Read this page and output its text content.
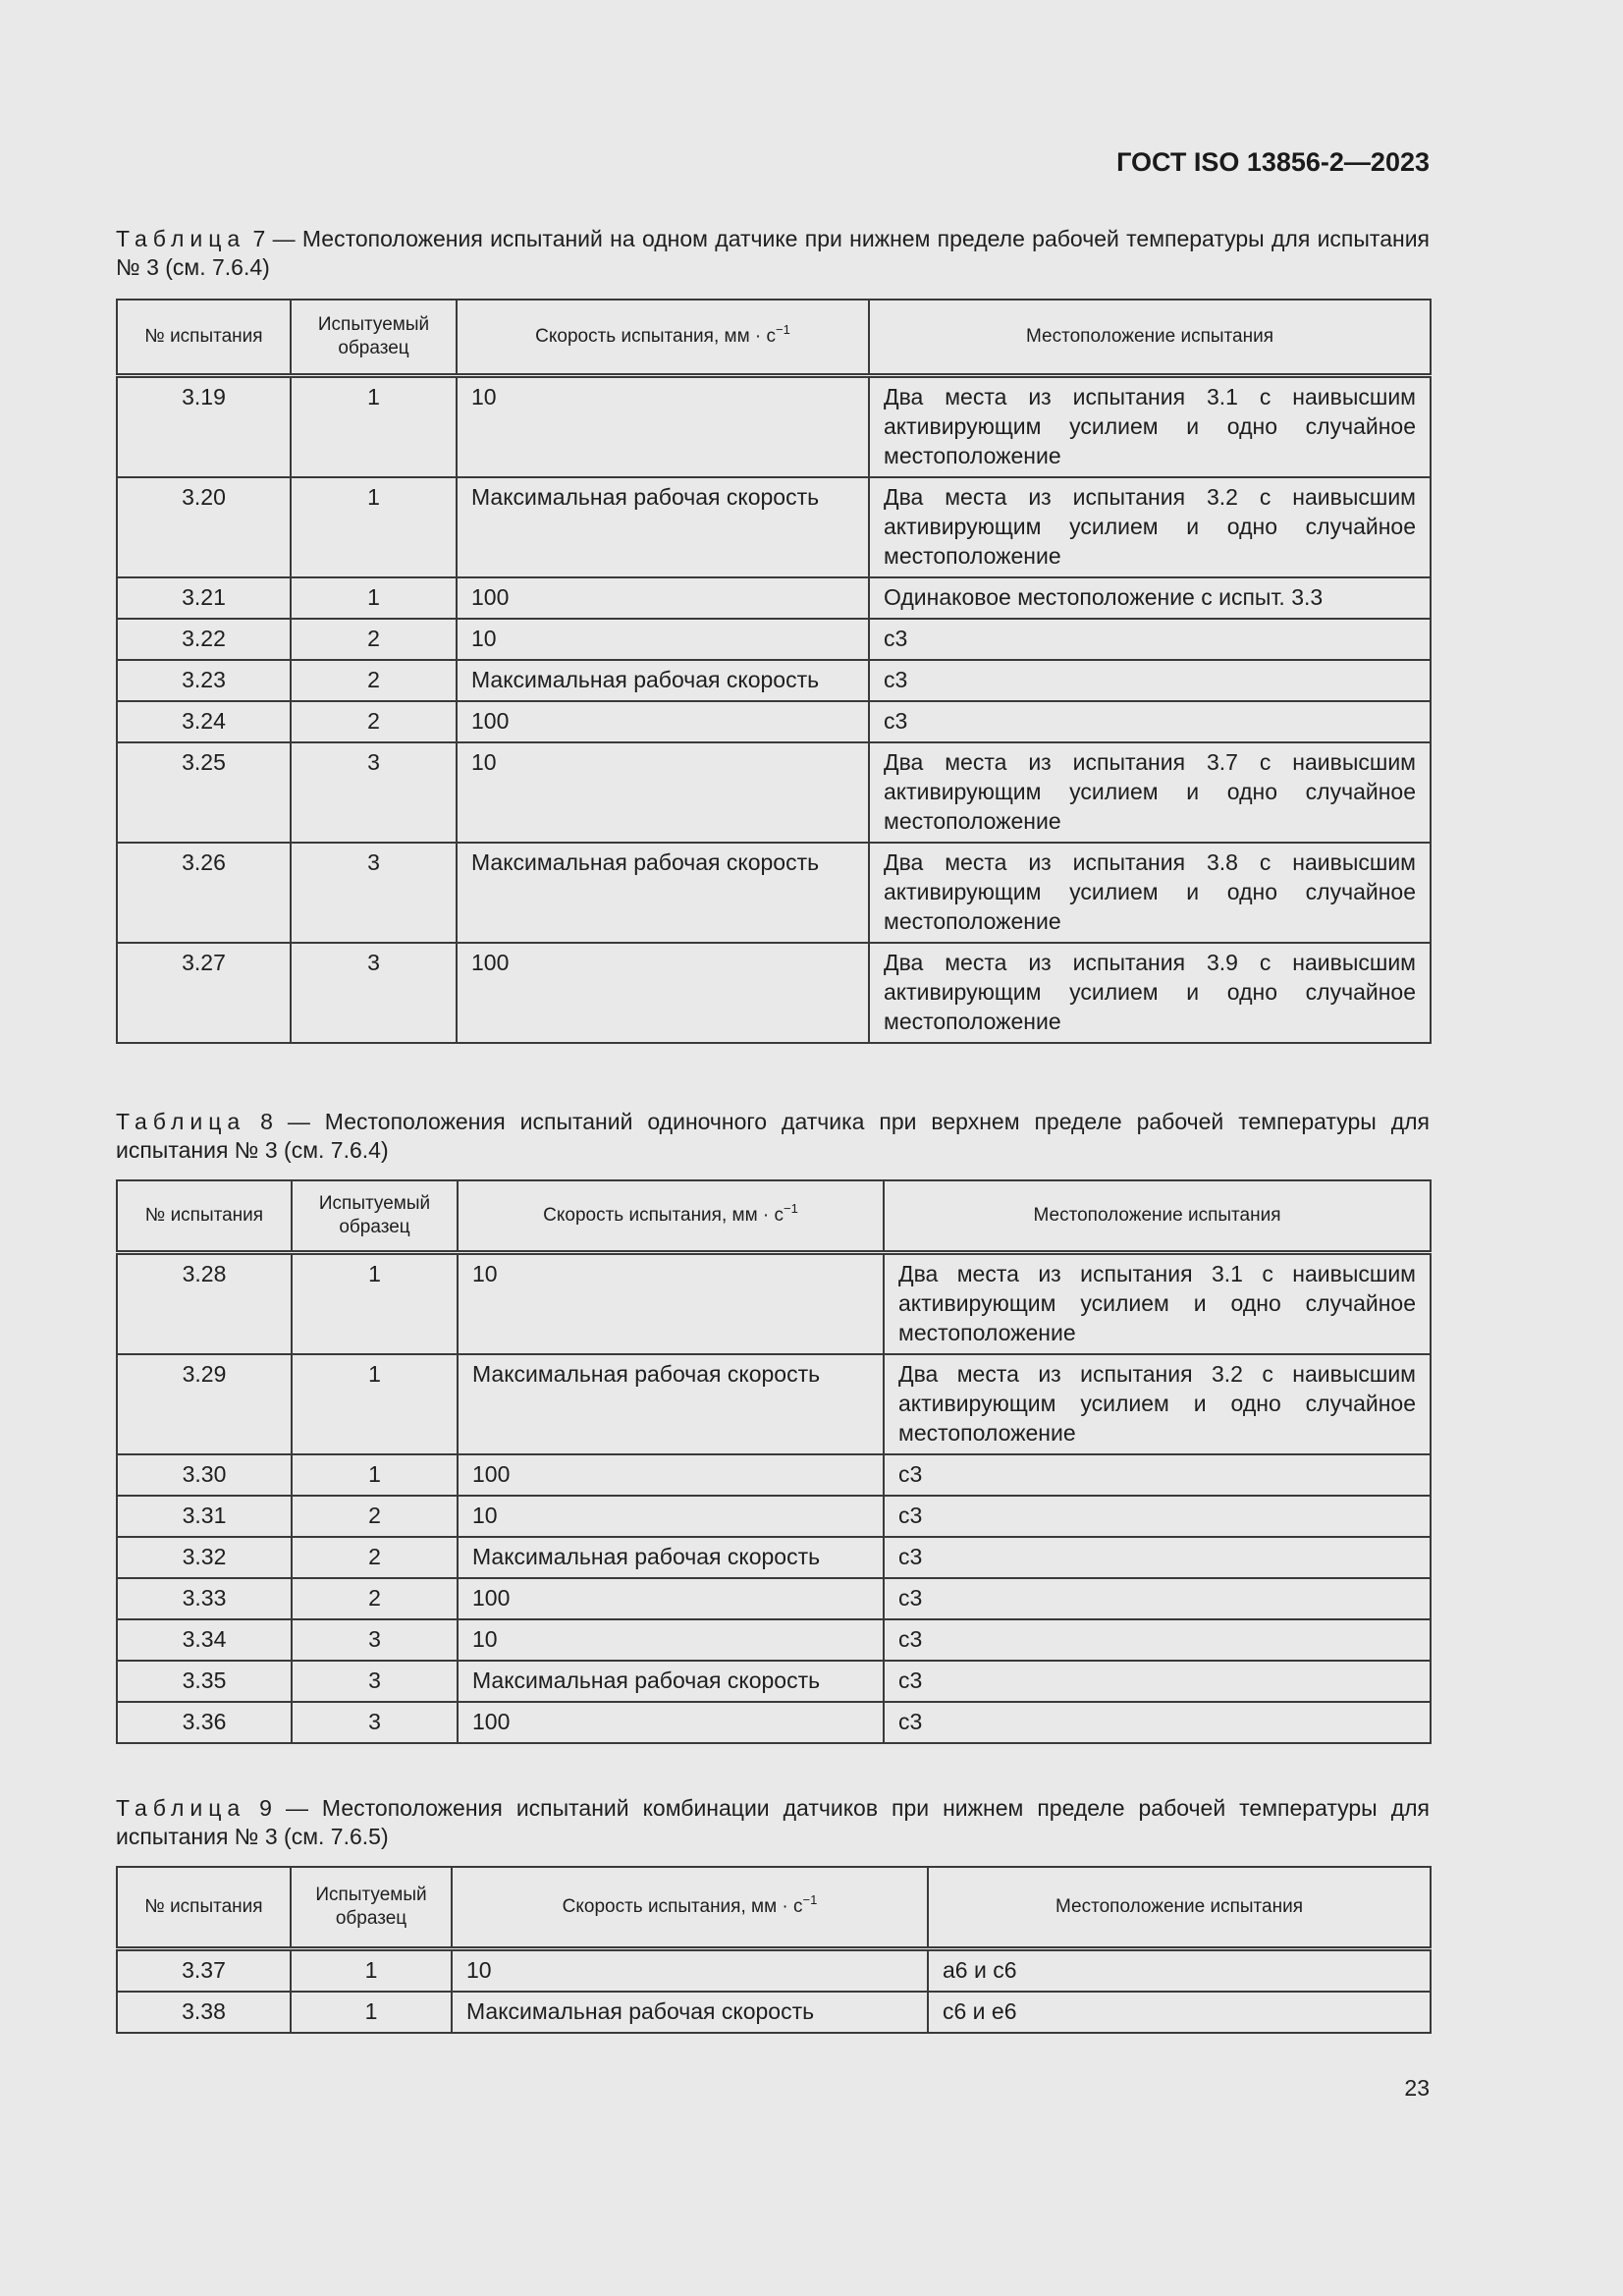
ГОСТ ISO 13856-2—2023

Таблица 7 — Местоположения испытаний на одном датчике при нижнем пределе рабочей температуры для испытания № 3 (см. 7.6.4)

№ испытания	Испытуемый образец	Скорость испытания, мм · $с^{-1}$	Местоположение испытания
3.19	1	10	Два места из испытания 3.1 с наивысшим активирующим усилием и одно случайное местоположение
3.20	1	Максимальная рабочая скорость	Два места из испытания 3.2 с наивысшим активирующим усилием и одно случайное местоположение
3.21	1	100	Одинаковое местоположение с испыт. 3.3
3.22	2	10	c3
3.23	2	Максимальная рабочая скорость	c3
3.24	2	100	c3
3.25	3	10	Два места из испытания 3.7 с наивысшим активирующим усилием и одно случайное местоположение
3.26	3	Максимальная рабочая скорость	Два места из испытания 3.8 с наивысшим активирующим усилием и одно случайное местоположение
3.27	3	100	Два места из испытания 3.9 с наивысшим активирующим усилием и одно случайное местоположение

Таблица 8 — Местоположения испытаний одиночного датчика при верхнем пределе рабочей температуры для испытания № 3 (см. 7.6.4)

№ испытания	Испытуемый образец	Скорость испытания, мм · $с^{-1}$	Местоположение испытания
3.28	1	10	Два места из испытания 3.1 с наивысшим активирующим усилием и одно случайное местоположение
3.29	1	Максимальная рабочая скорость	Два места из испытания 3.2 с наивысшим активирующим усилием и одно случайное местоположение
3.30	1	100	c3
3.31	2	10	c3
3.32	2	Максимальная рабочая скорость	c3
3.33	2	100	c3
3.34	3	10	c3
3.35	3	Максимальная рабочая скорость	c3
3.36	3	100	c3

Таблица 9 — Местоположения испытаний комбинации датчиков при нижнем пределе рабочей температуры для испытания № 3 (см. 7.6.5)

№ испытания	Испытуемый образец	Скорость испытания, мм · $с^{-1}$	Местоположение испытания
3.37	1	10	a6 и c6
3.38	1	Максимальная рабочая скорость	c6 и e6

23
